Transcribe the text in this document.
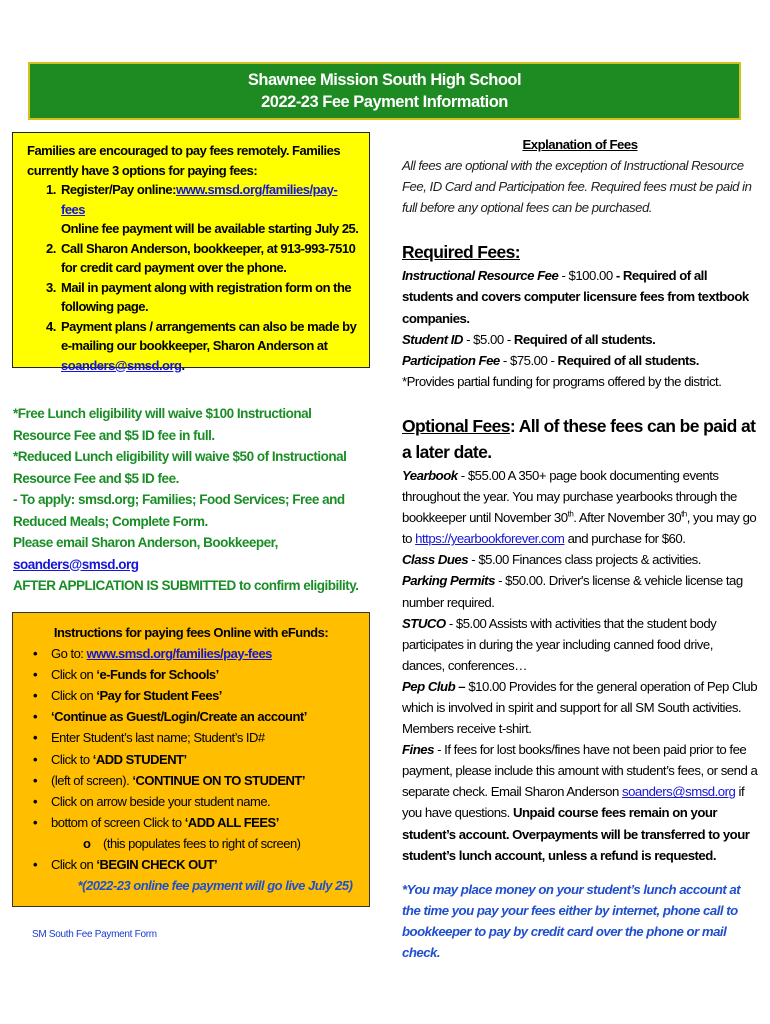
Shawnee Mission South High School
2022-23 Fee Payment Information
Families are encouraged to pay fees remotely. Families currently have 3 options for paying fees:
1. Register/Pay online:www.smsd.org/families/pay-fees
Online fee payment will be available starting July 25.
2. Call Sharon Anderson, bookkeeper, at 913-993-7510 for credit card payment over the phone.
3. Mail in payment along with registration form on the following page.
4. Payment plans / arrangements can also be made by e-mailing our bookkeeper, Sharon Anderson at
soanders@smsd.org.
*Free Lunch eligibility will waive $100 Instructional Resource Fee and $5 ID fee in full.
*Reduced Lunch eligibility will waive $50 of Instructional Resource Fee and $5 ID fee.
- To apply: smsd.org; Families; Food Services; Free and Reduced Meals; Complete Form.
Please email Sharon Anderson, Bookkeeper, soanders@smsd.org
AFTER APPLICATION IS SUBMITTED to confirm eligibility.
Instructions for paying fees Online with eFunds:
• Go to: www.smsd.org/families/pay-fees
• Click on ‘e-Funds for Schools’
• Click on ‘Pay for Student Fees’
• ‘Continue as Guest/Login/Create an account’
• Enter Student’s last name; Student’s ID#
• Click to ‘ADD STUDENT’
• (left of screen). ‘CONTINUE ON TO STUDENT’
• Click on arrow beside your student name.
• bottom of screen Click to ‘ADD ALL FEES’
o (this populates fees to right of screen)
• Click on ‘BEGIN CHECK OUT’
*(2022-23 online fee payment will go live July 25)
SM South Fee Payment Form
Explanation of Fees
All fees are optional with the exception of Instructional Resource Fee, ID Card and Participation fee. Required fees must be paid in full before any optional fees can be purchased.
Required Fees:
Instructional Resource Fee - $100.00 - Required of all students and covers computer licensure fees from textbook companies.
Student ID - $5.00 - Required of all students.
Participation Fee - $75.00 - Required of all students.
*Provides partial funding for programs offered by the district.
Optional Fees: All of these fees can be paid at a later date.
Yearbook - $55.00 A 350+ page book documenting events throughout the year. You may purchase yearbooks through the bookkeeper until November 30th. After November 30th, you may go to https://yearbookforever.com and purchase for $60.
Class Dues - $5.00 Finances class projects & activities.
Parking Permits - $50.00. Driver's license & vehicle license tag number required.
STUCO - $5.00 Assists with activities that the student body participates in during the year including canned food drive, dances, conferences…
Pep Club – $10.00 Provides for the general operation of Pep Club which is involved in spirit and support for all SM South activities. Members receive t-shirt.
Fines - If fees for lost books/fines have not been paid prior to fee payment, please include this amount with student’s fees, or send a separate check. Email Sharon Anderson soanders@smsd.org if you have questions. Unpaid course fees remain on your student’s account. Overpayments will be transferred to your student’s lunch account, unless a refund is requested.
*You may place money on your student’s lunch account at the time you pay your fees either by internet, phone call to bookkeeper to pay by credit card over the phone or mail check.
